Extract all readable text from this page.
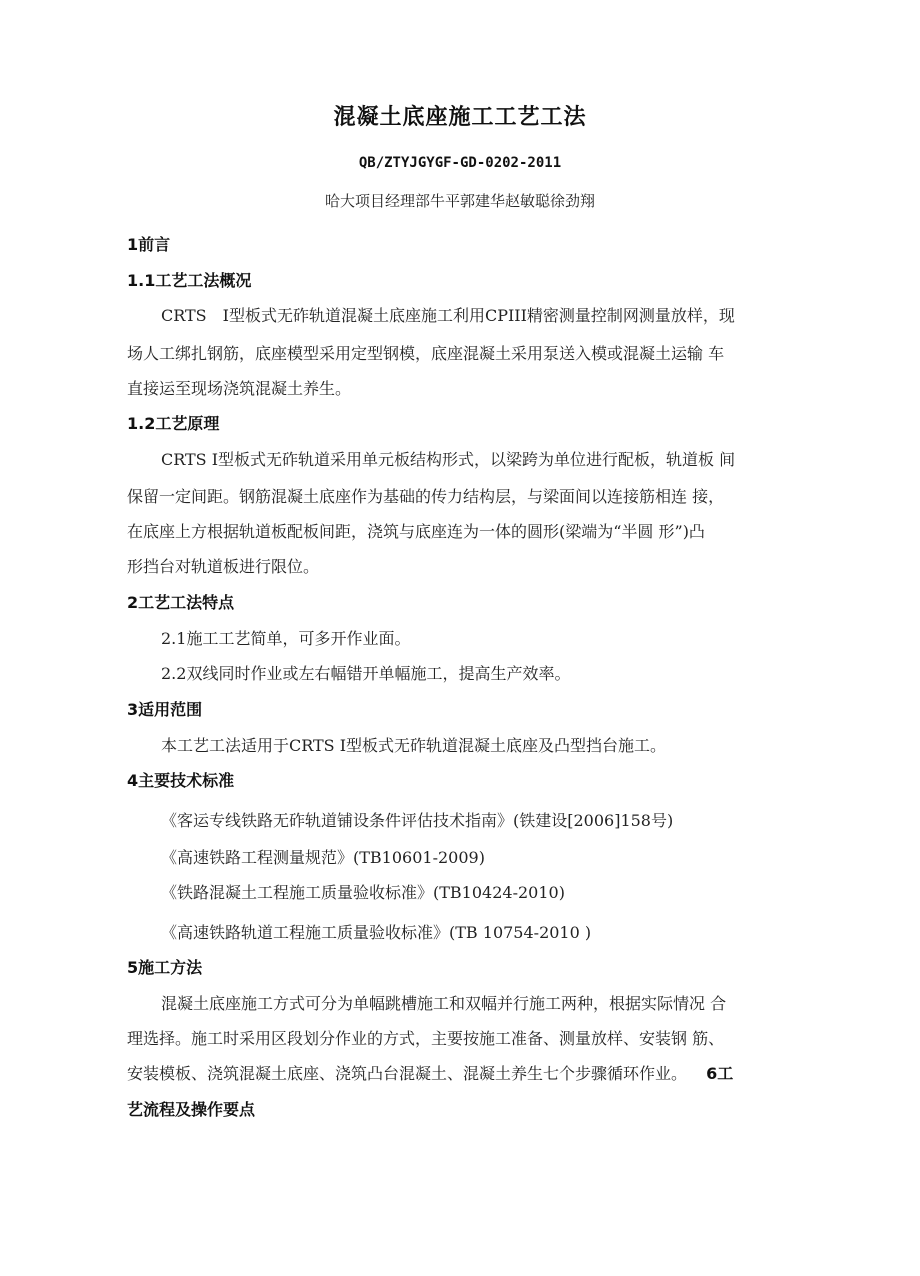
混凝土底座施工工艺工法
QB/ZTYJGYGF-GD-0202-2011
哈大项目经理部牛平郭建华赵敏聪徐劲翔
1前言
1.1工艺工法概况
CRTS　I型板式无砟轨道混凝土底座施工利用CPIII精密测量控制网测量放样，现
场人工绑扎钢筋，底座模型采用定型钢模，底座混凝土采用泵送入模或混凝土运输 车
直接运至现场浇筑混凝土养生。
1.2工艺原理
CRTS I型板式无砟轨道采用单元板结构形式，以梁跨为单位进行配板，轨道板 间
保留一定间距。钢筋混凝土底座作为基础的传力结构层，与梁面间以连接筋相连 接，
在底座上方根据轨道板配板间距，浇筑与底座连为一体的圆形(梁端为“半圆 形”)凸
形挡台对轨道板进行限位。
2工艺工法特点
2.1施工工艺简单，可多开作业面。
2.2双线同时作业或左右幅错开单幅施工，提高生产效率。
3适用范围
本工艺工法适用于CRTS I型板式无砟轨道混凝土底座及凸型挡台施工。
4主要技术标准
《客运专线铁路无砟轨道铺设条件评估技术指南》(铁建设[2006]158号)
《高速铁路工程测量规范》(TB10601-2009)
《铁路混凝土工程施工质量验收标准》(TB10424-2010)
《高速铁路轨道工程施工质量验收标准》(TB 10754-2010 )
5施工方法
混凝土底座施工方式可分为单幅跳槽施工和双幅并行施工两种，根据实际情况 合
理选择。施工时采用区段划分作业的方式，主要按施工准备、测量放样、安装钢 筋、
安装模板、浇筑混凝土底座、浇筑凸台混凝土、混凝土养生七个步骤循环作业。 6工
艺流程及操作要点
